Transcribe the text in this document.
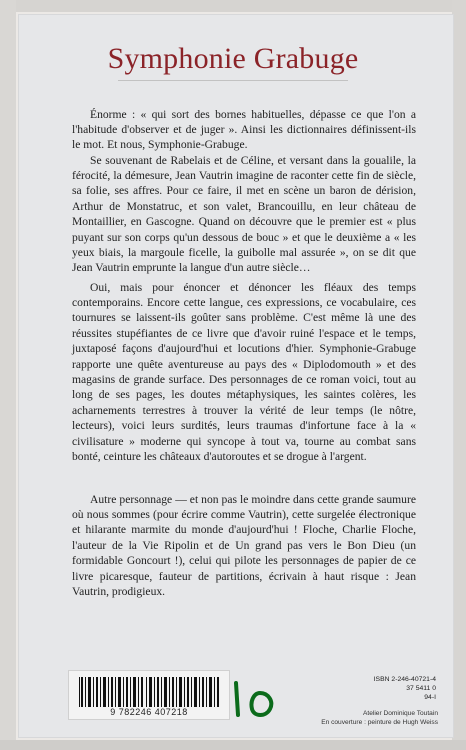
Symphonie Grabuge

Énorme : « qui sort des bornes habituelles, dépasse ce que l'on a l'habitude d'observer et de juger ». Ainsi les dictionnaires définissent-ils le mot. Et nous, Symphonie-Grabuge.

Se souvenant de Rabelais et de Céline, et versant dans la goualile, la férocité, la démesure, Jean Vautrin imagine de raconter cette fin de siècle, sa folie, ses affres. Pour ce faire, il met en scène un baron de dérision, Arthur de Monstatruc, et son valet, Brancouillu, en leur château de Montaillier, en Gascogne. Quand on découvre que le premier est « plus puyant sur son corps qu'un dessous de bouc » et que le deuxième a « les yeux biais, la margoule ficelle, la guibolle mal assurée », on se dit que Jean Vautrin emprunte la langue d'un autre siècle…

Oui, mais pour énoncer et dénoncer les fléaux des temps contemporains. Encore cette langue, ces expressions, ce vocabulaire, ces tournures se laissent-ils goûter sans problème. C'est même là une des réussites stupéfiantes de ce livre que d'avoir ruiné l'espace et le temps, juxtaposé façons d'aujourd'hui et locutions d'hier. Symphonie-Grabuge rapporte une quête aventureuse au pays des « Diplodomouth » et des magasins de grande surface. Des personnages de ce roman voici, tout au long de ses pages, les doutes métaphysiques, les saintes colères, les acharnements terrestres à trouver la vérité de leur temps (le nôtre, lecteurs), voici leurs surdités, leurs traumas d'infortune face à la « civilisature » moderne qui syncope à tout va, tourne au combat sans bonté, ceinture les châteaux d'autoroutes et se drogue à l'argent.

Autre personnage — et non pas le moindre dans cette grande saumure où nous sommes (pour écrire comme Vautrin), cette surgelée électronique et hilarante marmite du monde d'aujourd'hui ! Floche, Charlie Floche, l'auteur de la Vie Ripolin et de Un grand pas vers le Bon Dieu (un formidable Goncourt !), celui qui pilote les personnages de papier de ce livre picaresque, fauteur de partitions, écrivain à haut risque : Jean Vautrin, prodigieux.

9 782246 407218
ISBN 2-246-40721-4
37 5411 0
94-I
Atelier Dominique Toutain
En couverture : peinture de Hugh Weiss
